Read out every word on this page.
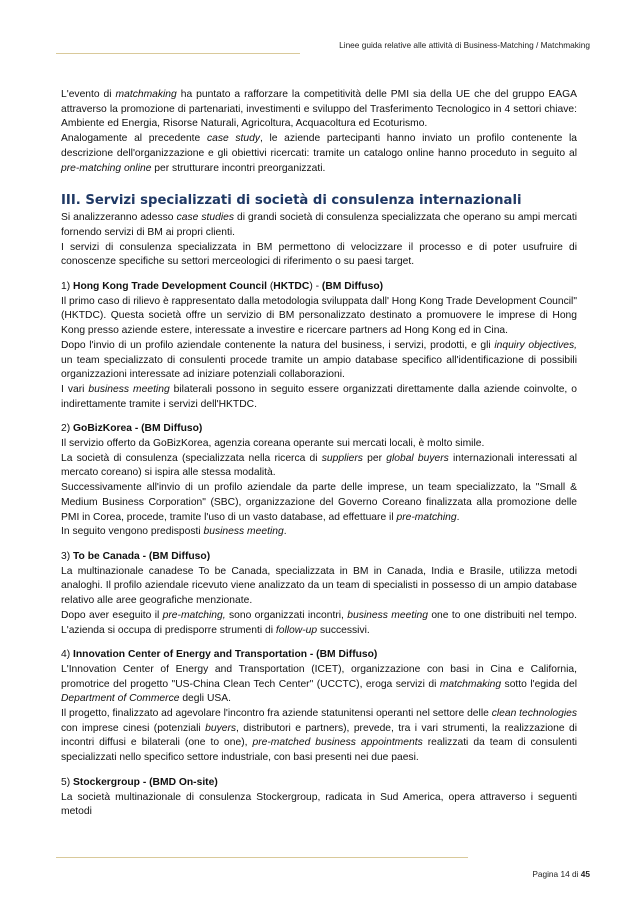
Linee guida relative alle attività di Business-Matching / Matchmaking

L'evento di matchmaking ha puntato a rafforzare la competitività delle PMI sia della UE che del gruppo EAGA attraverso la promozione di partenariati, investimenti e sviluppo del Trasferimento Tecnologico in 4 settori chiave: Ambiente ed Energia, Risorse Naturali, Agricoltura, Acquacoltura ed Ecoturismo.

Analogamente al precedente case study, le aziende partecipanti hanno inviato un profilo contenente la descrizione dell'organizzazione e gli obiettivi ricercati: tramite un catalogo online hanno proceduto in seguito al pre-matching online per strutturare incontri preorganizzati.

III. Servizi specializzati di società di consulenza internazionali

Si analizzeranno adesso case studies di grandi società di consulenza specializzata che operano su ampi mercati fornendo servizi di BM ai propri clienti.

I servizi di consulenza specializzata in BM permettono di velocizzare il processo e di poter usufruire di conoscenze specifiche su settori merceologici di riferimento o su paesi target.

1) Hong Kong Trade Development Council (HKTDC) - (BM Diffuso)

Il primo caso di rilievo è rappresentato dalla metodologia sviluppata dall' Hong Kong Trade Development Council" (HKTDC). Questa società offre un servizio di BM personalizzato destinato a promuovere le imprese di Hong Kong presso aziende estere, interessate a investire e ricercare partners ad Hong Kong ed in Cina.

Dopo l'invio di un profilo aziendale contenente la natura del business, i servizi, prodotti, e gli inquiry objectives, un team specializzato di consulenti procede tramite un ampio database specifico all'identificazione di possibili organizzazioni interessate ad iniziare potenziali collaborazioni.

I vari business meeting bilaterali possono in seguito essere organizzati direttamente dalla aziende coinvolte, o indirettamente tramite i servizi dell'HKTDC.

2) GoBizKorea - (BM Diffuso)

Il servizio offerto da GoBizKorea, agenzia coreana operante sui mercati locali, è molto simile.

La società di consulenza (specializzata nella ricerca di suppliers per global buyers internazionali interessati al mercato coreano) si ispira alle stessa modalità.

Successivamente all'invio di un profilo aziendale da parte delle imprese, un team specializzato, la "Small & Medium Business Corporation" (SBC), organizzazione del Governo Coreano finalizzata alla promozione delle PMI in Corea, procede, tramite l'uso di un vasto database, ad effettuare il pre-matching.

In seguito vengono predisposti business meeting.

3) To be Canada - (BM Diffuso)

La multinazionale canadese To be Canada, specializzata in BM in Canada, India e Brasile, utilizza metodi analoghi. Il profilo aziendale ricevuto viene analizzato da un team di specialisti in possesso di un ampio database relativo alle aree geografiche menzionate.

Dopo aver eseguito il pre-matching, sono organizzati incontri, business meeting one to one distribuiti nel tempo. L'azienda si occupa di predisporre strumenti di follow-up successivi.

4) Innovation Center of Energy and Transportation - (BM Diffuso)

L'Innovation Center of Energy and Transportation (ICET), organizzazione con basi in Cina e California, promotrice del progetto "US-China Clean Tech Center" (UCCTC), eroga servizi di matchmaking sotto l'egida del Department of Commerce degli USA.

Il progetto, finalizzato ad agevolare l'incontro fra aziende statunitensi operanti nel settore delle clean technologies con imprese cinesi (potenziali buyers, distributori e partners), prevede, tra i vari strumenti, la realizzazione di incontri diffusi e bilaterali (one to one), pre-matched business appointments realizzati da team di consulenti specializzati nello specifico settore industriale, con basi presenti nei due paesi.

5) Stockergroup - (BMD On-site)

La società multinazionale di consulenza Stockergroup, radicata in Sud America, opera attraverso i seguenti metodi

Pagina 14 di 45
